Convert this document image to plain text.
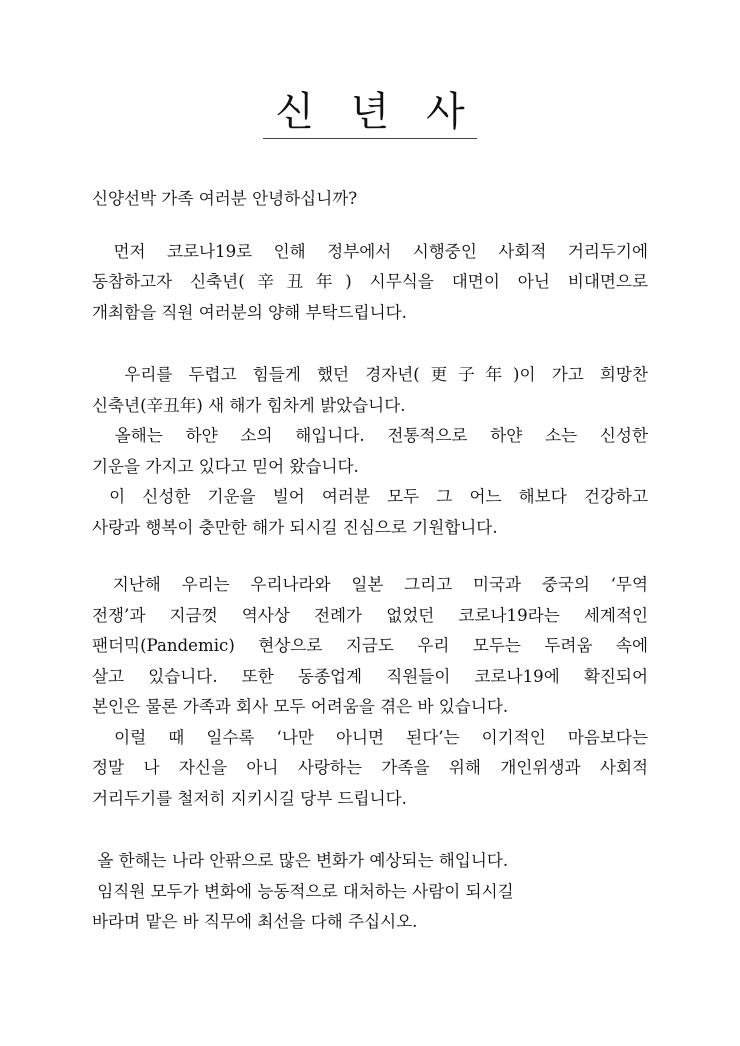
신 년 사

신양선박 가족 여러분 안녕하십니까?

먼저 코로나19로 인해 정부에서 시행중인 사회적 거리두기에
동참하고자 신축년(辛丑年) 시무식을 대면이 아닌 비대면으로
개최함을 직원 여러분의 양해 부탁드립니다.

우리를 두렵고 힘들게 했던 경자년(更子年)이 가고 희망찬
신축년(辛丑年) 새 해가 힘차게 밝았습니다.
올해는 하얀 소의 해입니다. 전통적으로 하얀 소는 신성한
기운을 가지고 있다고 믿어 왔습니다.
이 신성한 기운을 빌어 여러분 모두 그 어느 해보다 건강하고
사랑과 행복이 충만한 해가 되시길 진심으로 기원합니다.

지난해 우리는 우리나라와 일본 그리고 미국과 중국의 ‘무역
전쟁’과 지금껏 역사상 전례가 없었던 코로나19라는 세계적인
팬더믹(Pandemic) 현상으로 지금도 우리 모두는 두려움 속에
살고 있습니다. 또한 동종업계 직원들이 코로나19에 확진되어
본인은 물론 가족과 회사 모두 어려움을 겪은 바 있습니다.
이럴 때 일수록 ‘나만 아니면 된다’는 이기적인 마음보다는
정말 나 자신을 아니 사랑하는 가족을 위해 개인위생과 사회적
거리두기를 철저히 지키시길 당부 드립니다.

올 한해는 나라 안팎으로 많은 변화가 예상되는 해입니다.
임직원 모두가 변화에 능동적으로 대처하는 사람이 되시길
바라며 맡은 바 직무에 최선을 다해 주십시오.
